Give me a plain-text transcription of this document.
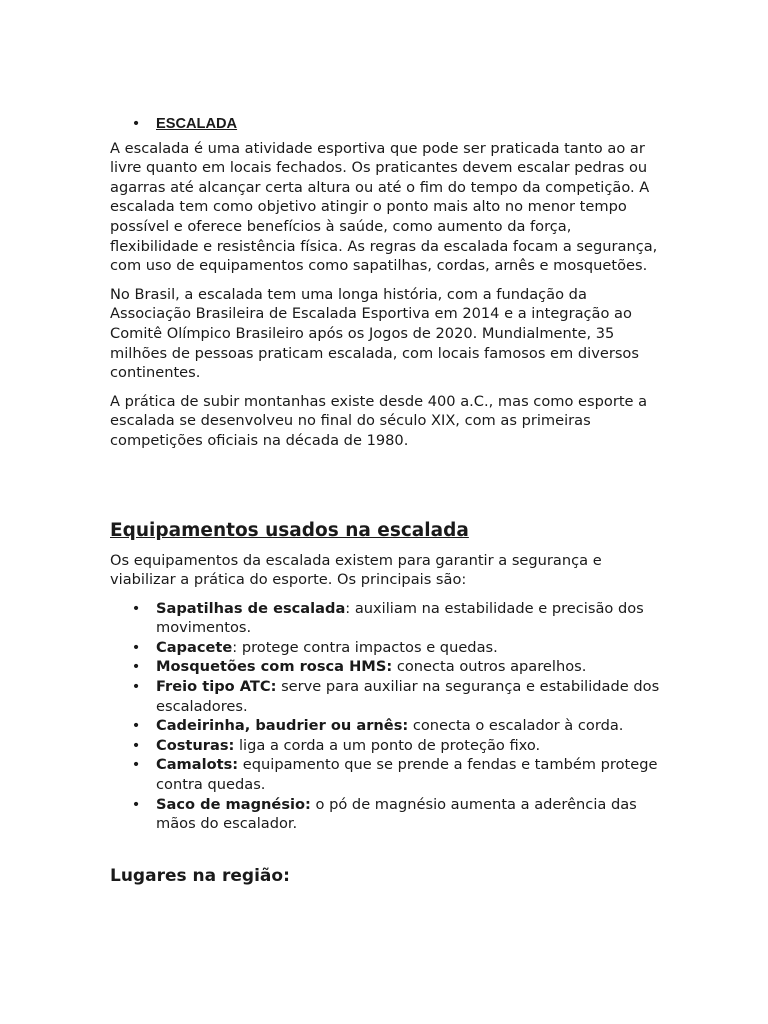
• ESCALADA

A escalada é uma atividade esportiva que pode ser praticada tanto ao ar livre quanto em locais fechados. Os praticantes devem escalar pedras ou agarras até alcançar certa altura ou até o fim do tempo da competição. A escalada tem como objetivo atingir o ponto mais alto no menor tempo possível e oferece benefícios à saúde, como aumento da força, flexibilidade e resistência física. As regras da escalada focam a segurança, com uso de equipamentos como sapatilhas, cordas, arnês e mosquetões.

No Brasil, a escalada tem uma longa história, com a fundação da Associação Brasileira de Escalada Esportiva em 2014 e a integração ao Comitê Olímpico Brasileiro após os Jogos de 2020. Mundialmente, 35 milhões de pessoas praticam escalada, com locais famosos em diversos continentes.

A prática de subir montanhas existe desde 400 a.C., mas como esporte a escalada se desenvolveu no final do século XIX, com as primeiras competições oficiais na década de 1980.

Equipamentos usados na escalada

Os equipamentos da escalada existem para garantir a segurança e viabilizar a prática do esporte. Os principais são:

• Sapatilhas de escalada: auxiliam na estabilidade e precisão dos movimentos.
• Capacete: protege contra impactos e quedas.
• Mosquetões com rosca HMS: conecta outros aparelhos.
• Freio tipo ATC: serve para auxiliar na segurança e estabilidade dos escaladores.
• Cadeirinha, baudrier ou arnês: conecta o escalador à corda.
• Costuras: liga a corda a um ponto de proteção fixo.
• Camalots: equipamento que se prende a fendas e também protege contra quedas.
• Saco de magnésio: o pó de magnésio aumenta a aderência das mãos do escalador.
Lugares na região:
